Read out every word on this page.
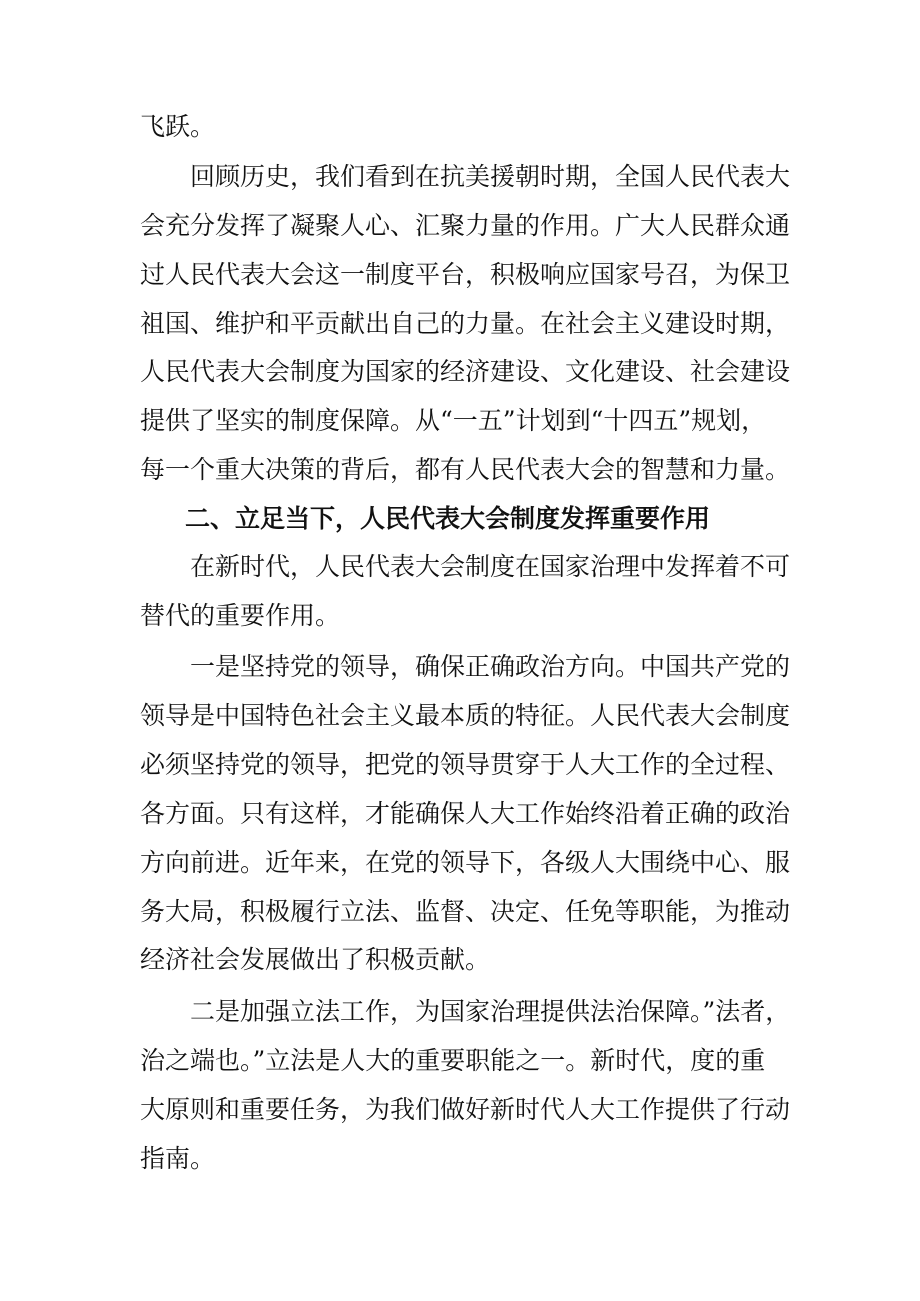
飞跃。
回顾历史，我们看到在抗美援朝时期，全国人民代表大
会充分发挥了凝聚人心、汇聚力量的作用。广大人民群众通
过人民代表大会这一制度平台，积极响应国家号召，为保卫
祖国、维护和平贡献出自己的力量。在社会主义建设时期，
人民代表大会制度为国家的经济建设、文化建设、社会建设
提供了坚实的制度保障。从“一五”计划到“十四五”规划，
每一个重大决策的背后，都有人民代表大会的智慧和力量。
二、立足当下，人民代表大会制度发挥重要作用
在新时代，人民代表大会制度在国家治理中发挥着不可
替代的重要作用。
一是坚持党的领导，确保正确政治方向。中国共产党的
领导是中国特色社会主义最本质的特征。人民代表大会制度
必须坚持党的领导，把党的领导贯穿于人大工作的全过程、
各方面。只有这样，才能确保人大工作始终沿着正确的政治
方向前进。近年来，在党的领导下，各级人大围绕中心、服
务大局，积极履行立法、监督、决定、任免等职能，为推动
经济社会发展做出了积极贡献。
二是加强立法工作，为国家治理提供法治保障。”法者，
治之端也。”立法是人大的重要职能之一。新时代，度的重
大原则和重要任务，为我们做好新时代人大工作提供了行动
指南。
